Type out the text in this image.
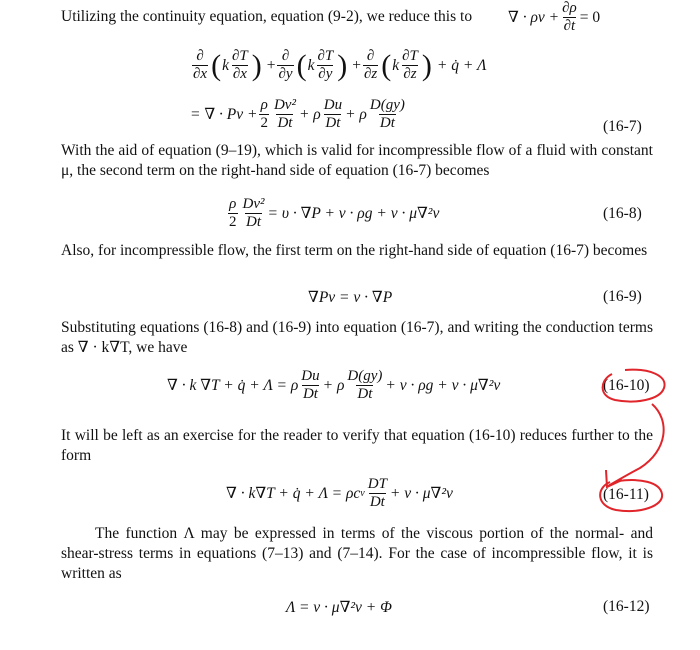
Utilizing the continuity equation, equation (9-2), we reduce this to ∇ · $\rho v + \frac{\partial\rho}{\partial t} = 0$
$\frac{\partial}{\partial x}$ ( k $\frac{\partial T}{\partial x}$ ) + $\frac{\partial}{\partial y}$ ( k $\frac{\partial T}{\partial y}$ ) + $\frac{\partial}{\partial z}$ ( k $\frac{\partial T}{\partial z}$ ) + q̇ + Λ
= ∇ · $Pv + \frac{\rho}{2} \frac{\text{Dv²}}{Dt} + \rho \frac{Du}{Dt} + \rho \frac{D(gy)}{Dt}$	(16-7)
With the aid of equation (9–19), which is valid for incompressible flow of a fluid with constant μ, the second term on the right-hand side of equation (16-7) becomes
$\frac{\rho}{2} \frac{\text{Dv²}}{Dt} = \upsilon \cdot \nabla P + v \cdot \rho g + v \cdot \mu\nabla^2v$	(16-8)
Also, for incompressible flow, the first term on the right-hand side of equation (16-7) becomes
∇Pv = v · ∇P	(16-9)
Substituting equations (16-8) and (16-9) into equation (16-7), and writing the conduction terms as ∇ · k∇T, we have
∇ · k ∇T + q̇ + Λ = ρ $\frac{Du}{Dt} + \rho \frac{D(gy)}{Dt} + v \cdot \rho g + v \cdot \mu\nabla^2v$	(16-10)
It will be left as an exercise for the reader to verify that equation (16-10) reduces further to the form
∇ · k∇T + q̇ + Λ = ρc v $\frac{DT}{Dt} + v \cdot \mu\nabla^2v$	(16-11)
The function Λ may be expressed in terms of the viscous portion of the normal- and shear-stress terms in equations (7–13) and (7–14). For the case of incompressible flow, it is written as
Λ = v · μ∇²v + Φ	(16-12)
